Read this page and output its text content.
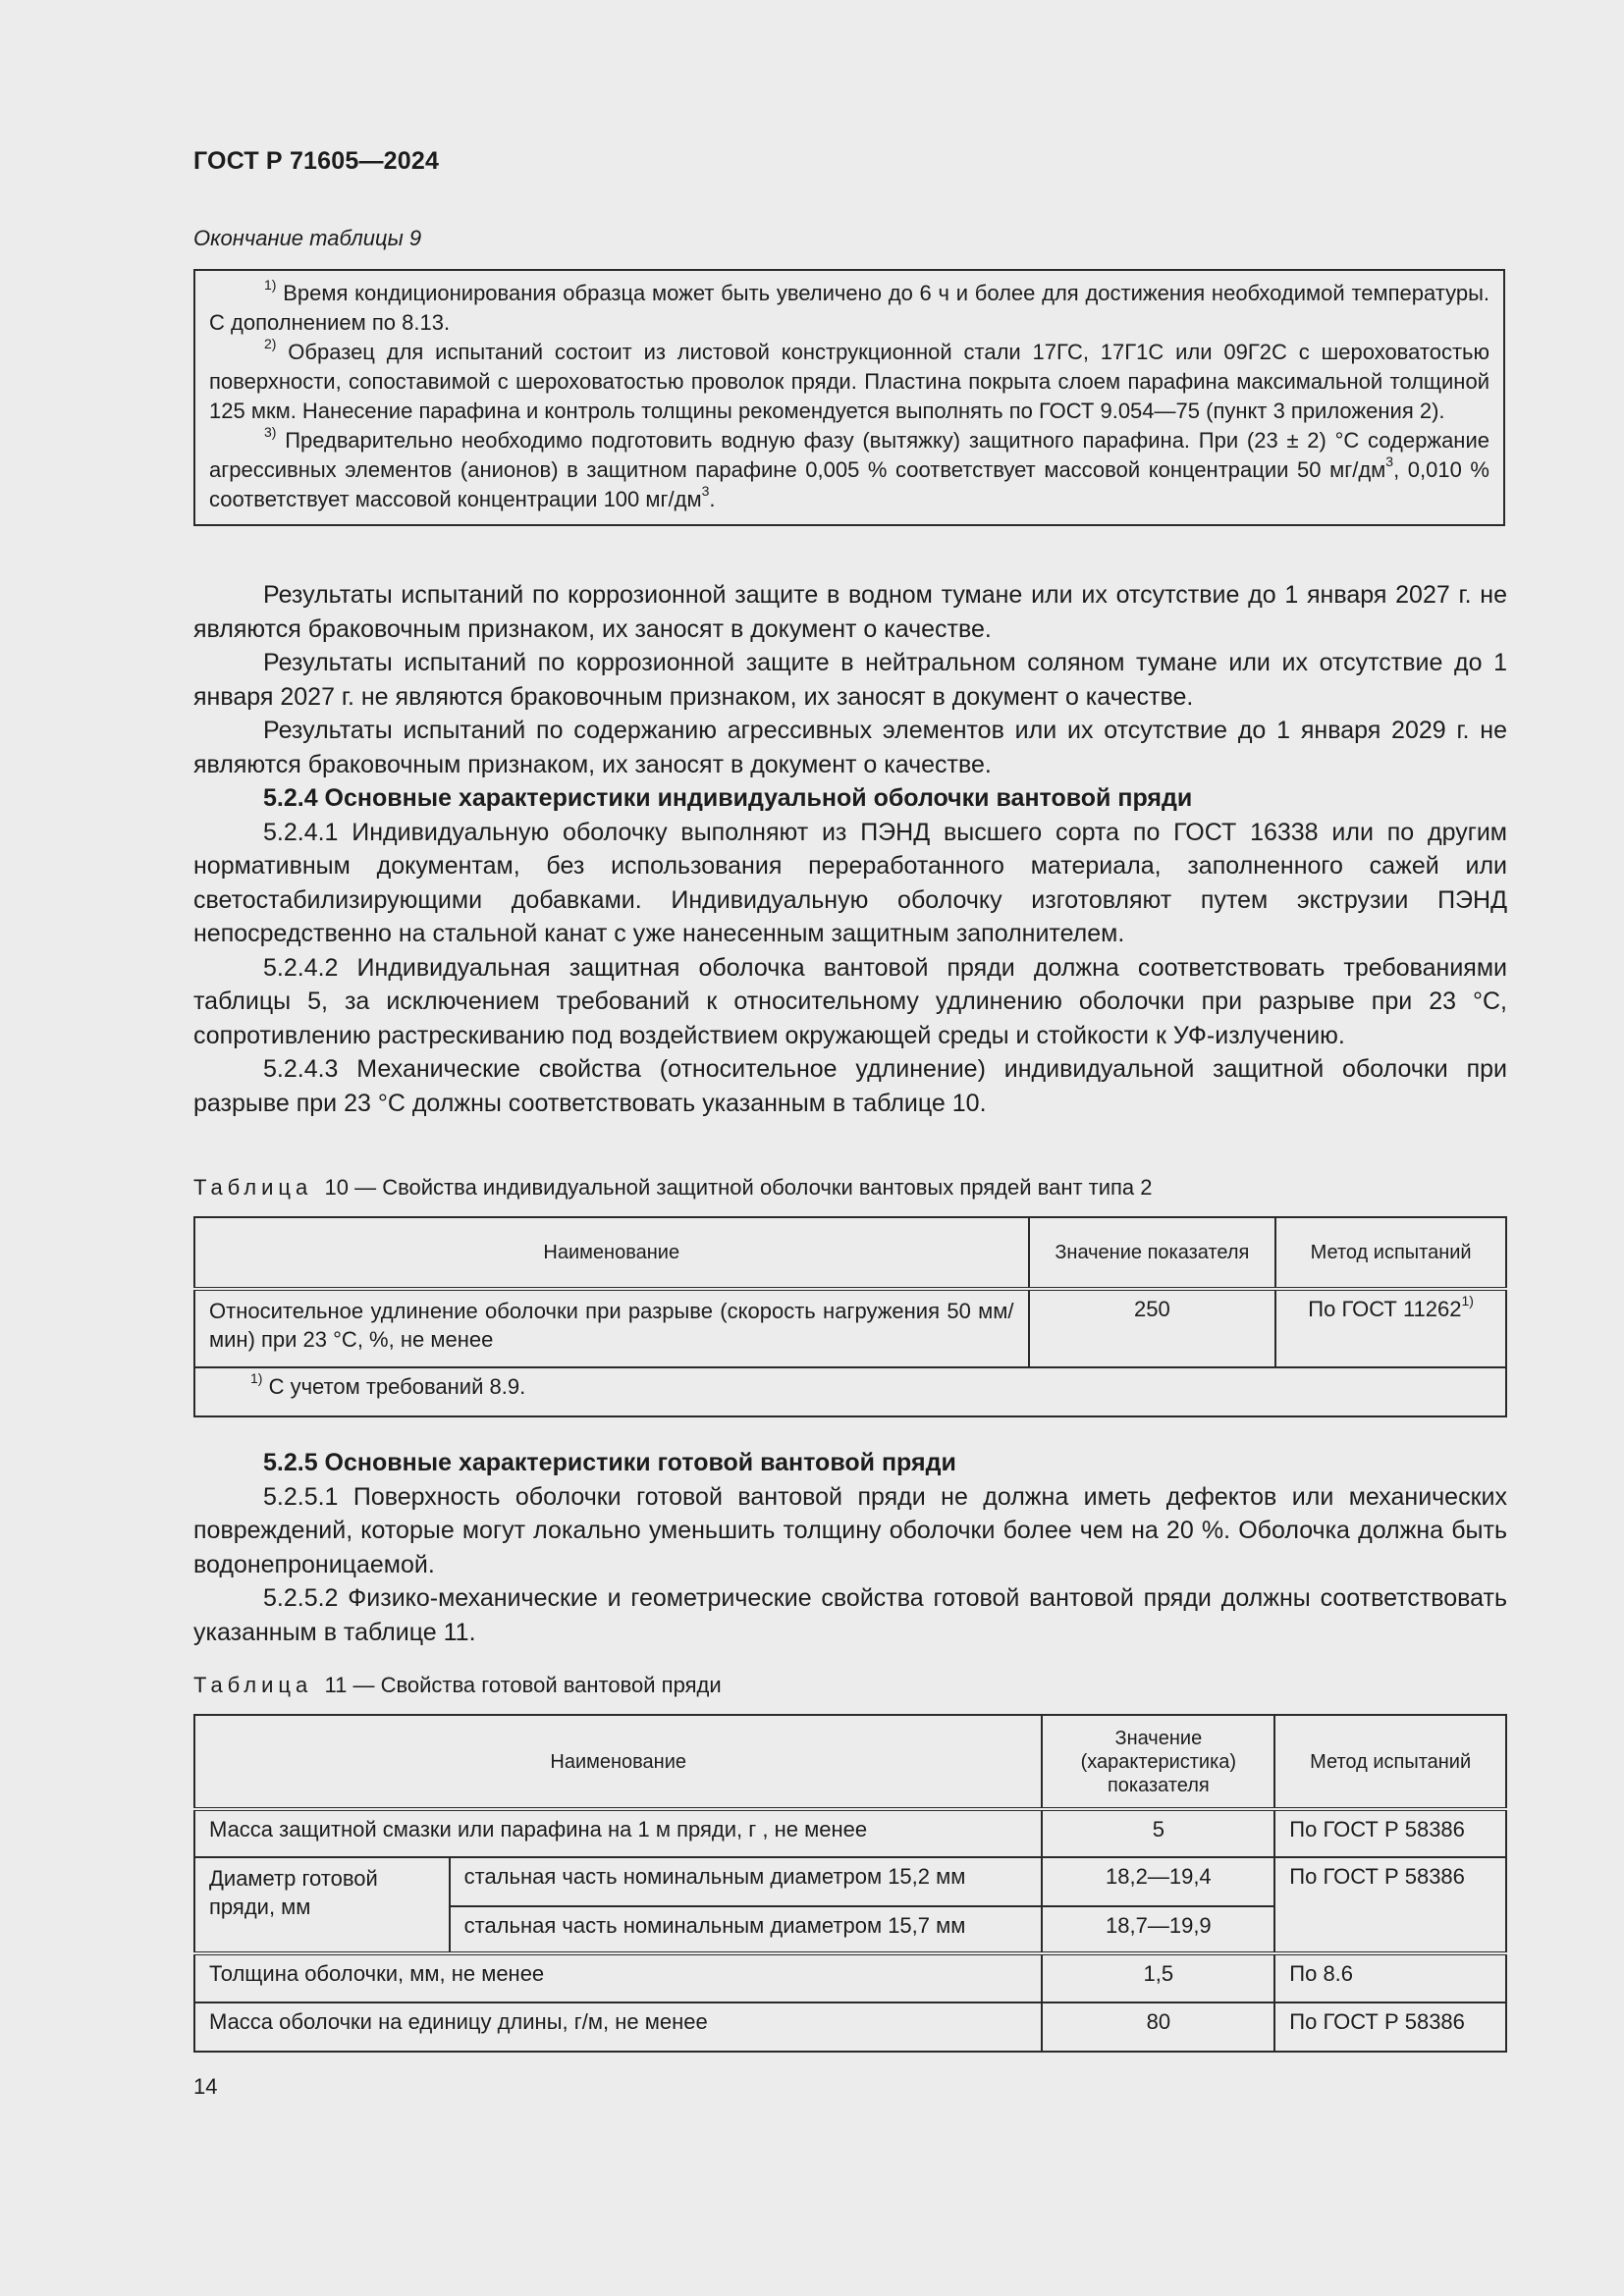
ГОСТ Р 71605—2024
Окончание таблицы 9
$^{1)}$ Время кондиционирования образца может быть увеличено до 6 ч и более для достижения необходимой температуры. С дополнением по 8.13.
$^{2)}$ Образец для испытаний состоит из листовой конструкционной стали 17ГС, 17Г1С или 09Г2С с шероховатостью поверхности, сопоставимой с шероховатостью проволок пряди. Пластина покрыта слоем парафина максимальной толщиной 125 мкм. Нанесение парафина и контроль толщины рекомендуется выполнять по ГОСТ 9.054—75 (пункт 3 приложения 2).
$^{3)}$ Предварительно необходимо подготовить водную фазу (вытяжку) защитного парафина. При (23 ± 2) °С содержание агрессивных элементов (анионов) в защитном парафине 0,005 % соответствует массовой концентрации 50 $мг/дм^3$, 0,010 % соответствует массовой концентрации 100 $мг/дм^3$.

Результаты испытаний по коррозионной защите в водном тумане или их отсутствие до 1 января 2027 г. не являются браковочным признаком, их заносят в документ о качестве.

Результаты испытаний по коррозионной защите в нейтральном соляном тумане или их отсутствие до 1 января 2027 г. не являются браковочным признаком, их заносят в документ о качестве.

Результаты испытаний по содержанию агрессивных элементов или их отсутствие до 1 января 2029 г. не являются браковочным признаком, их заносят в документ о качестве.

5.2.4 Основные характеристики индивидуальной оболочки вантовой пряди

5.2.4.1 Индивидуальную оболочку выполняют из ПЭНД высшего сорта по ГОСТ 16338 или по другим нормативным документам, без использования переработанного материала, заполненного сажей или светостабилизирующими добавками. Индивидуальную оболочку изготовляют путем экструзии ПЭНД непосредственно на стальной канат с уже нанесенным защитным заполнителем.

5.2.4.2 Индивидуальная защитная оболочка вантовой пряди должна соответствовать требованиями таблицы 5, за исключением требований к относительному удлинению оболочки при разрыве при 23 °С, сопротивлению растрескиванию под воздействием окружающей среды и стойкости к УФ-излучению.

5.2.4.3 Механические свойства (относительное удлинение) индивидуальной защитной оболочки при разрыве при 23 °С должны соответствовать указанным в таблице 10.

Таблица 10 — Свойства индивидуальной защитной оболочки вантовых прядей вант типа 2
Наименование	Значение показателя	Метод испытаний
Относительное удлинение оболочки при разрыве (скорость нагружения 50 мм/мин) при 23 °С, %, не менее	250	По ГОСТ 11262$^{1)}$
$^{1)}$ С учетом требований 8.9.		

5.2.5 Основные характеристики готовой вантовой пряди

5.2.5.1 Поверхность оболочки готовой вантовой пряди не должна иметь дефектов или механических повреждений, которые могут локально уменьшить толщину оболочки более чем на 20 %. Оболочка должна быть водонепроницаемой.

5.2.5.2 Физико-механические и геометрические свойства готовой вантовой пряди должны соответствовать указанным в таблице 11.

Таблица 11 — Свойства готовой вантовой пряди
Наименование		Значение (характеристика) показателя	Метод испытаний
Масса защитной смазки или парафина на 1 м пряди, г , не менее		5	По ГОСТ Р 58386
Диаметр готовой пряди, мм	стальная часть номинальным диаметром 15,2 мм	18,2—19,4	По ГОСТ Р 58386
	стальная часть номинальным диаметром 15,7 мм	18,7—19,9	
Толщина оболочки, мм, не менее		1,5	По 8.6
Масса оболочки на единицу длины, г/м, не менее		80	По ГОСТ Р 58386
14
